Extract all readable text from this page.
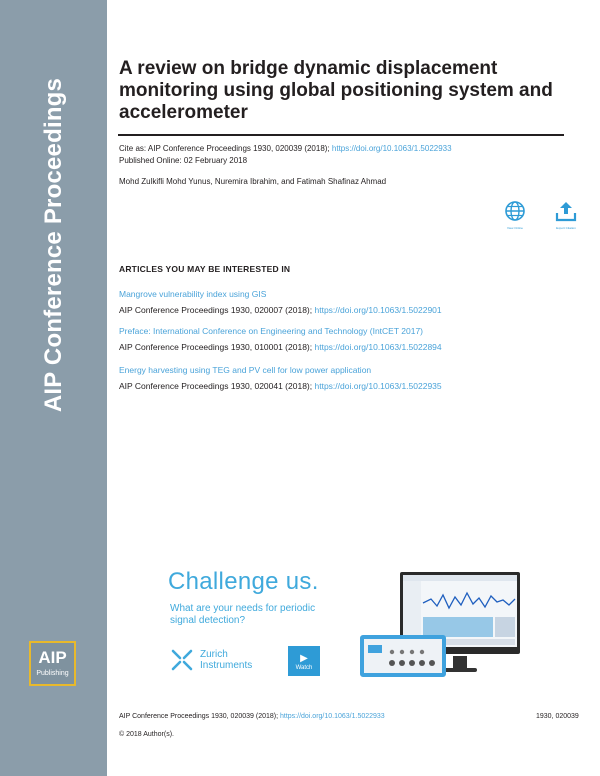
AIP Conference Proceedings
AIP
Publishing
A review on bridge dynamic displacement monitoring using global positioning system and accelerometer
Cite as: AIP Conference Proceedings 1930, 020039 (2018); https://doi.org/10.1063/1.5022933
Published Online: 02 February 2018
Mohd Zulkifli Mohd Yunus, Nuremira Ibrahim, and Fatimah Shafinaz Ahmad
View Online	Export Citation
ARTICLES YOU MAY BE INTERESTED IN
Mangrove vulnerability index using GIS
AIP Conference Proceedings 1930, 020007 (2018); https://doi.org/10.1063/1.5022901
Preface: International Conference on Engineering and Technology (IntCET 2017)
AIP Conference Proceedings 1930, 010001 (2018); https://doi.org/10.1063/1.5022894
Energy harvesting using TEG and PV cell for low power application
AIP Conference Proceedings 1930, 020041 (2018); https://doi.org/10.1063/1.5022935
Challenge us.
What are your needs for periodic signal detection?
Zurich Instruments
▶
Watch
AIP Conference Proceedings 1930, 020039 (2018); https://doi.org/10.1063/1.5022933	1930, 020039
© 2018 Author(s).
